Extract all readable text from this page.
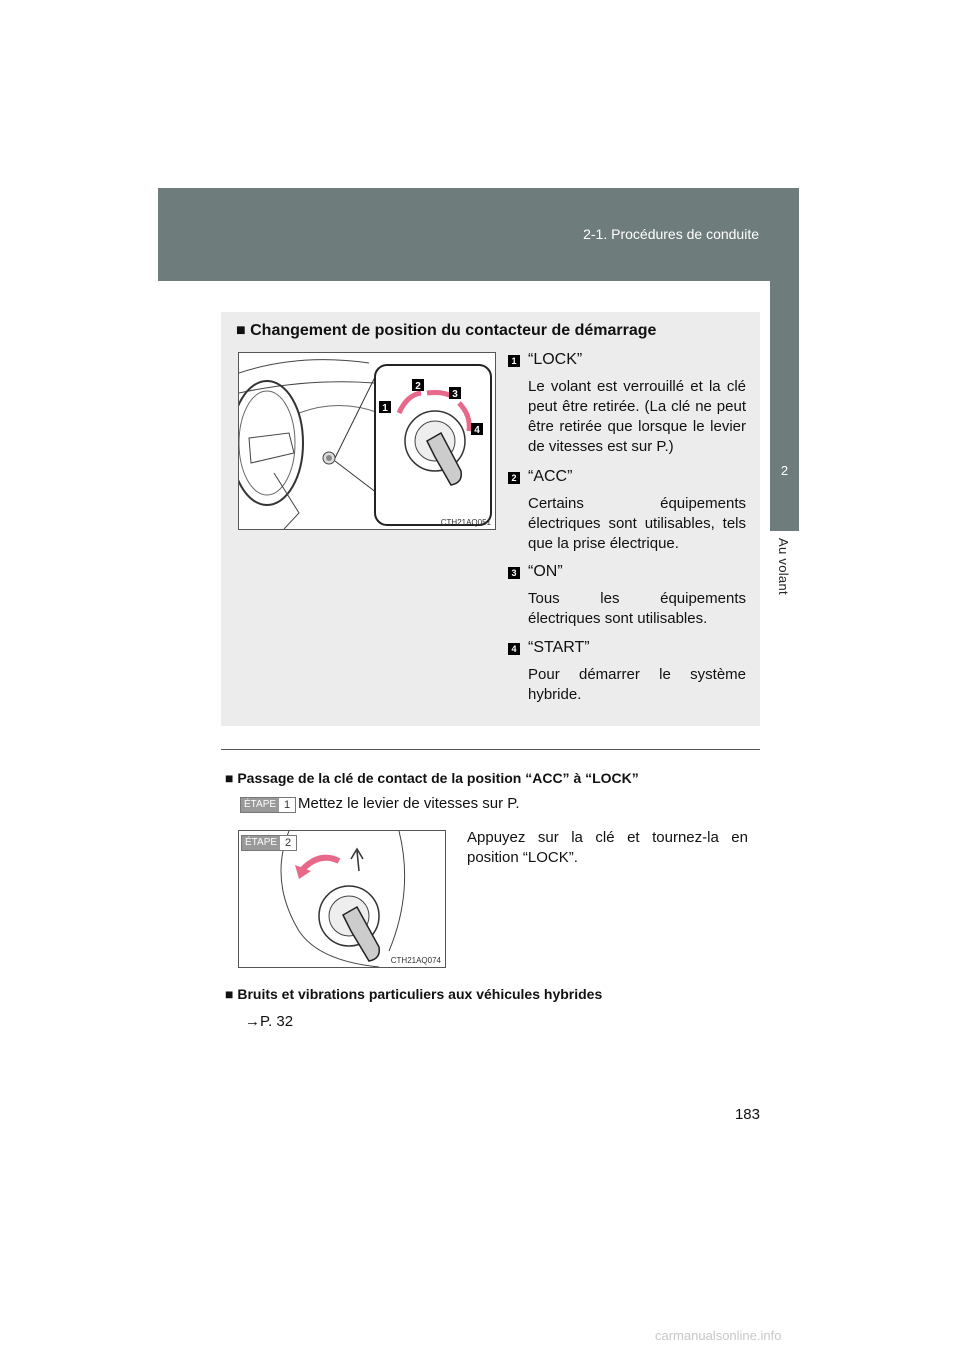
2-1. Procédures de conduite
2
Au volant
■ Changement de position du contacteur de démarrage
1
2
3
4
CTH21AQ051
1 “LOCK”
Le volant est verrouillé et la clé peut être retirée. (La clé ne peut être retirée que lorsque le levier de vitesses est sur P.)
2 “ACC”
Certains équipements électriques sont utilisables, tels que la prise électrique.
3 “ON”
Tous les équipements électriques sont utilisables.
4 “START”
Pour démarrer le système hybride.
■ Passage de la clé de contact de la position “ACC” à “LOCK”
ÉTAPE 1 Mettez le levier de vitesses sur P.
ÉTAPE 2
CTH21AQ074
Appuyez sur la clé et tournez-la en position “LOCK”.
■ Bruits et vibrations particuliers aux véhicules hybrides
→P. 32
183
carmanualsonline.info
